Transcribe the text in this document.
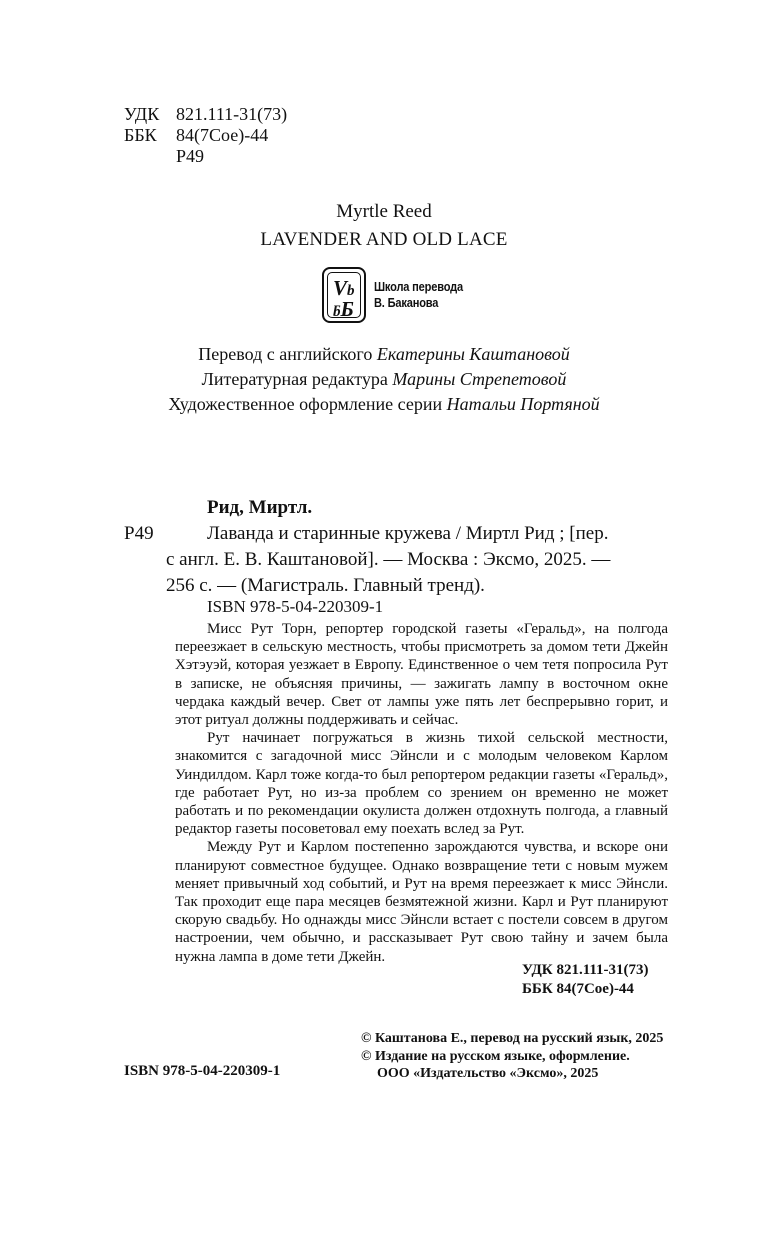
УДК 821.111-31(73)
ББК	84(7Сое)-44
Р49
Myrtle Reed
LAVENDER AND OLD LACE
Vb
ƃБ
Школа перевода
В. Баканова
Перевод с английского Екатерины Каштановой
Литературная редактура Марины Стрепетовой
Художественное оформление серии Натальи Портяной
Рид, Миртл.
Р49	Лаванда и старинные кружева / Миртл Рид ; [пер.
с англ. Е. В. Каштановой]. — Москва : Эксмо, 2025. —
256 с. — (Магистраль. Главный тренд).
ISBN 978-5-04-220309-1

Мисс Рут Торн, репортер городской газеты «Геральд», на полгода переезжает в сельскую местность, чтобы присмотреть за домом тети Джейн Хэтэуэй, которая уезжает в Европу. Единственное о чем тетя попросила Рут в записке, не объясняя причины, — зажигать лампу в восточном окне чердака каждый вечер. Свет от лампы уже пять лет беспрерывно горит, и этот ритуал должны поддерживать и сейчас.

Рут начинает погружаться в жизнь тихой сельской местности, знакомится с загадочной мисс Эйнсли и с молодым человеком Карлом Уиндилдом. Карл тоже когда-то был репортером редакции газеты «Геральд», где работает Рут, но из-за проблем со зрением он временно не может работать и по рекомендации окулиста должен отдохнуть полгода, а главный редактор газеты посоветовал ему поехать вслед за Рут.

Между Рут и Карлом постепенно зарождаются чувства, и вскоре они планируют совместное будущее. Однако возвращение тети с новым мужем меняет привычный ход событий, и Рут на время переезжает к мисс Эйнсли. Так проходит еще пара месяцев безмятежной жизни. Карл и Рут планируют скорую свадьбу. Но однажды мисс Эйнсли встает с постели совсем в другом настроении, чем обычно, и рассказывает Рут свою тайну и зачем была нужна лампа в доме тети Джейн.

УДК 821.111-31(73)
ББК 84(7Сое)-44
© Каштанова Е., перевод на русский язык, 2025
© Издание на русском языке, оформление.
ООО «Издательство «Эксмо», 2025
ISBN 978-5-04-220309-1
